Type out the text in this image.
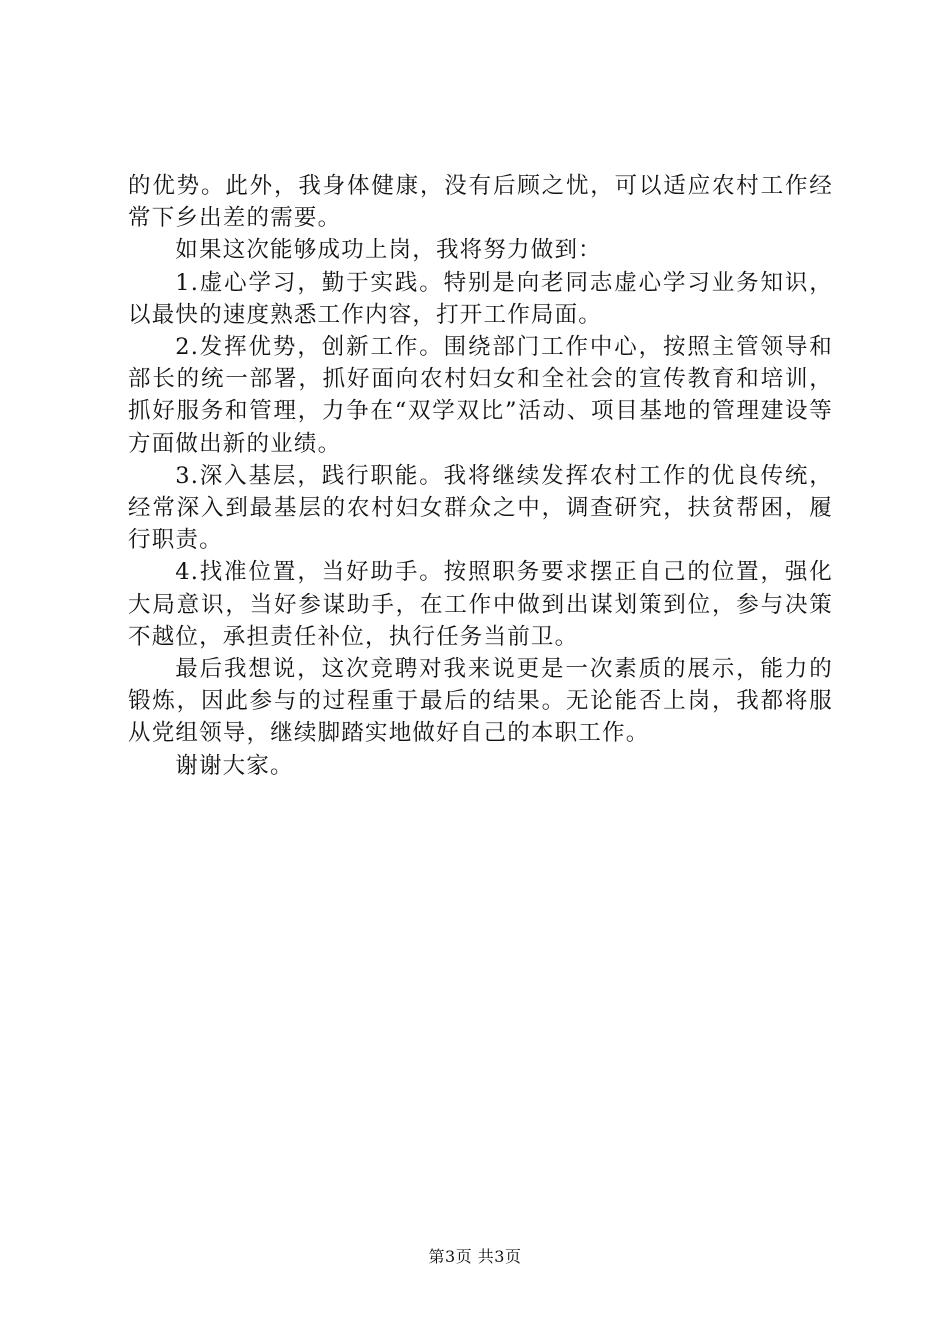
的优势。此外，我身体健康，没有后顾之忧，可以适应农村工作经常下乡出差的需要。

如果这次能够成功上岗，我将努力做到：

1.虚心学习，勤于实践。特别是向老同志虚心学习业务知识，以最快的速度熟悉工作内容，打开工作局面。

2.发挥优势，创新工作。围绕部门工作中心，按照主管领导和部长的统一部署，抓好面向农村妇女和全社会的宣传教育和培训，抓好服务和管理，力争在“双学双比”活动、项目基地的管理建设等方面做出新的业绩。

3.深入基层，践行职能。我将继续发挥农村工作的优良传统，经常深入到最基层的农村妇女群众之中，调查研究，扶贫帮困，履行职责。

4.找准位置，当好助手。按照职务要求摆正自己的位置，强化大局意识，当好参谋助手，在工作中做到出谋划策到位，参与决策不越位，承担责任补位，执行任务当前卫。

最后我想说，这次竞聘对我来说更是一次素质的展示，能力的锻炼，因此参与的过程重于最后的结果。无论能否上岗，我都将服从党组领导，继续脚踏实地做好自己的本职工作。

谢谢大家。

第3页 共3页
